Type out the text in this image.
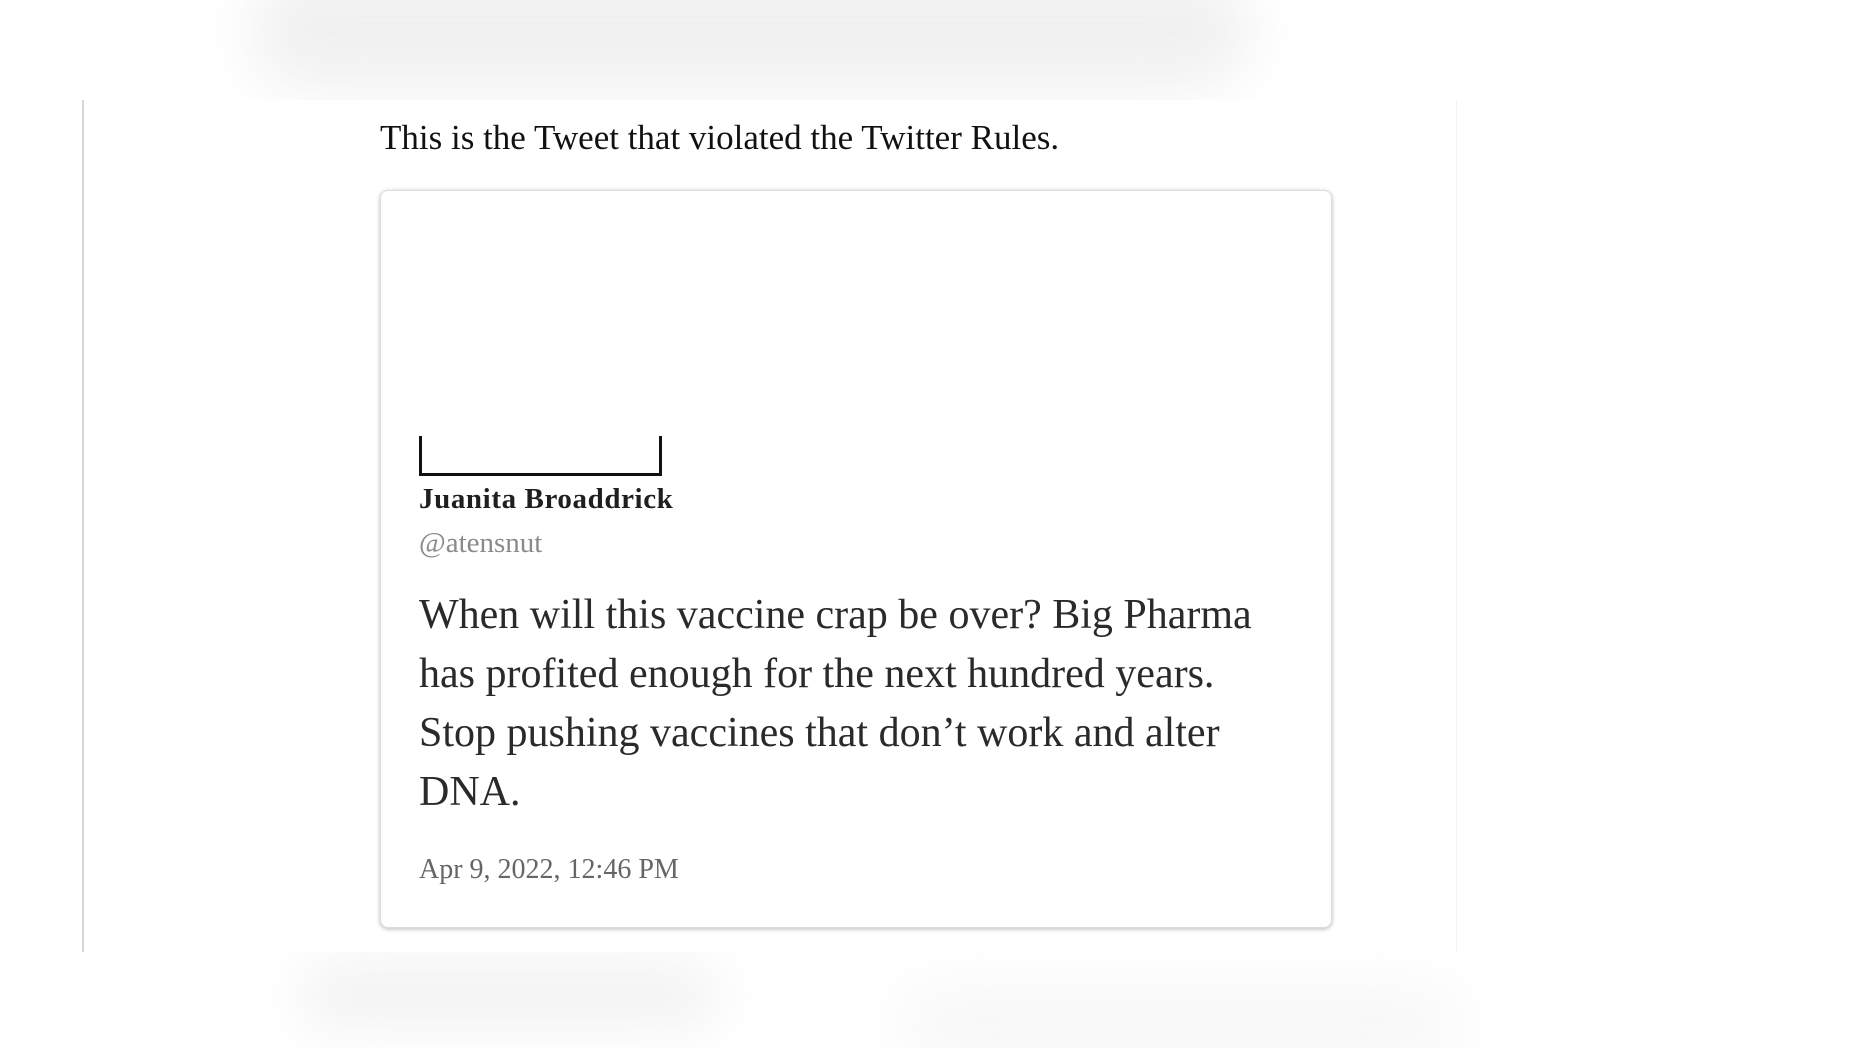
This is the Tweet that violated the Twitter Rules.
Juanita Broaddrick
@atensnut
When will this vaccine crap be over? Big Pharma has profited enough for the next hundred years. Stop pushing vaccines that don’t work and alter DNA.
Apr 9, 2022, 12:46 PM
